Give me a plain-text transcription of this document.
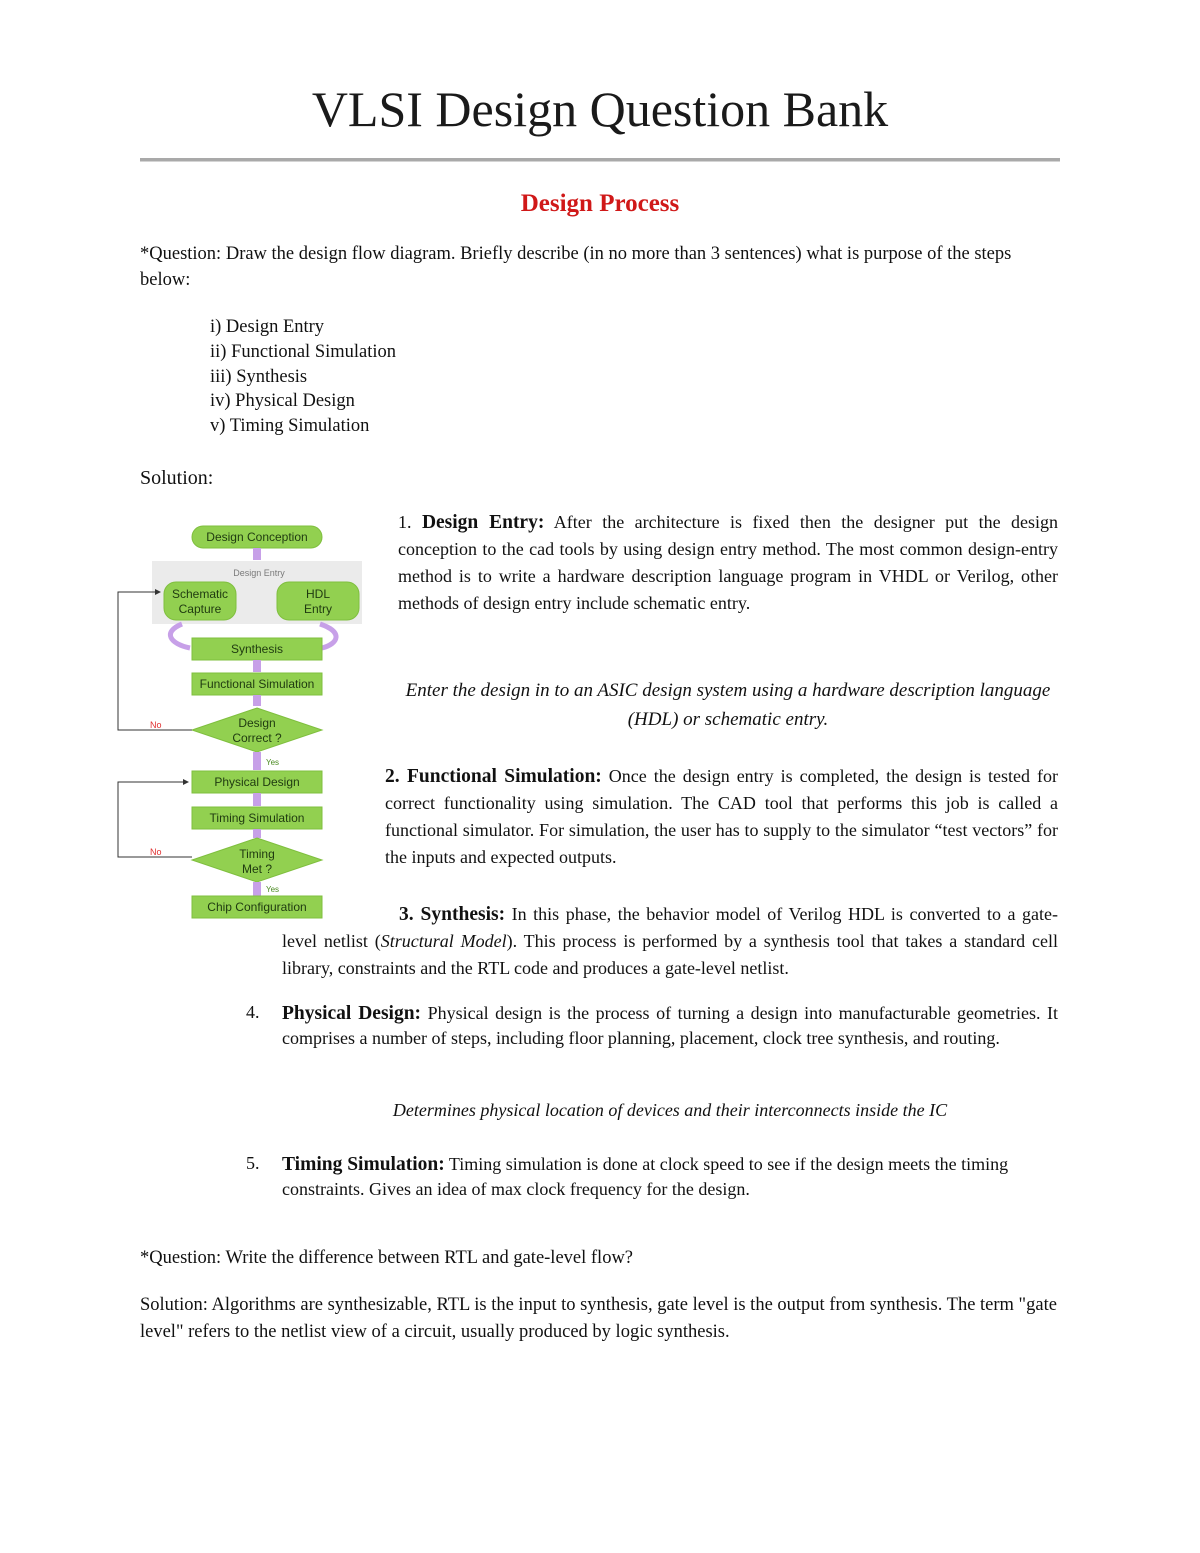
VLSI Design Question Bank
Design Process
*Question: Draw the design flow diagram. Briefly describe (in no more than 3 sentences) what is purpose of the steps below:
i) Design Entry
ii) Functional Simulation
iii) Synthesis
iv) Physical Design
v) Timing Simulation
Solution:
Design Conception
Design Entry
Schematic
Capture
HDL
Entry
Synthesis
Functional Simulation
Design
Correct ?
No
Yes
Physical Design
Timing Simulation
Timing
Met ?
No
Yes
Chip Configuration
1. Design Entry: After the architecture is fixed then the designer put the design conception to the cad tools by using design entry method. The most common design-entry method is to write a hardware description language program in VHDL or Verilog, other methods of design entry include schematic entry.
Enter the design in to an ASIC design system using a hardware description language (HDL) or schematic entry.
2. Functional Simulation: Once the design entry is completed, the design is tested for correct functionality using simulation. The CAD tool that performs this job is called a functional simulator. For simulation, the user has to supply to the simulator “test vectors” for the inputs and expected outputs.
3. Synthesis: In this phase, the behavior model of Verilog HDL is converted to a gate-level netlist (Structural Model). This process is performed by a synthesis tool that takes a standard cell library, constraints and the RTL code and produces a gate-level netlist.
4. Physical Design: Physical design is the process of turning a design into manufacturable geometries. It comprises a number of steps, including floor planning, placement, clock tree synthesis, and routing.
Determines physical location of devices and their interconnects inside the IC
5. Timing Simulation: Timing simulation is done at clock speed to see if the design meets the timing constraints. Gives an idea of max clock frequency for the design.
*Question: Write the difference between RTL and gate-level flow?
Solution: Algorithms are synthesizable, RTL is the input to synthesis, gate level is the output from synthesis. The term "gate level" refers to the netlist view of a circuit, usually produced by logic synthesis.
